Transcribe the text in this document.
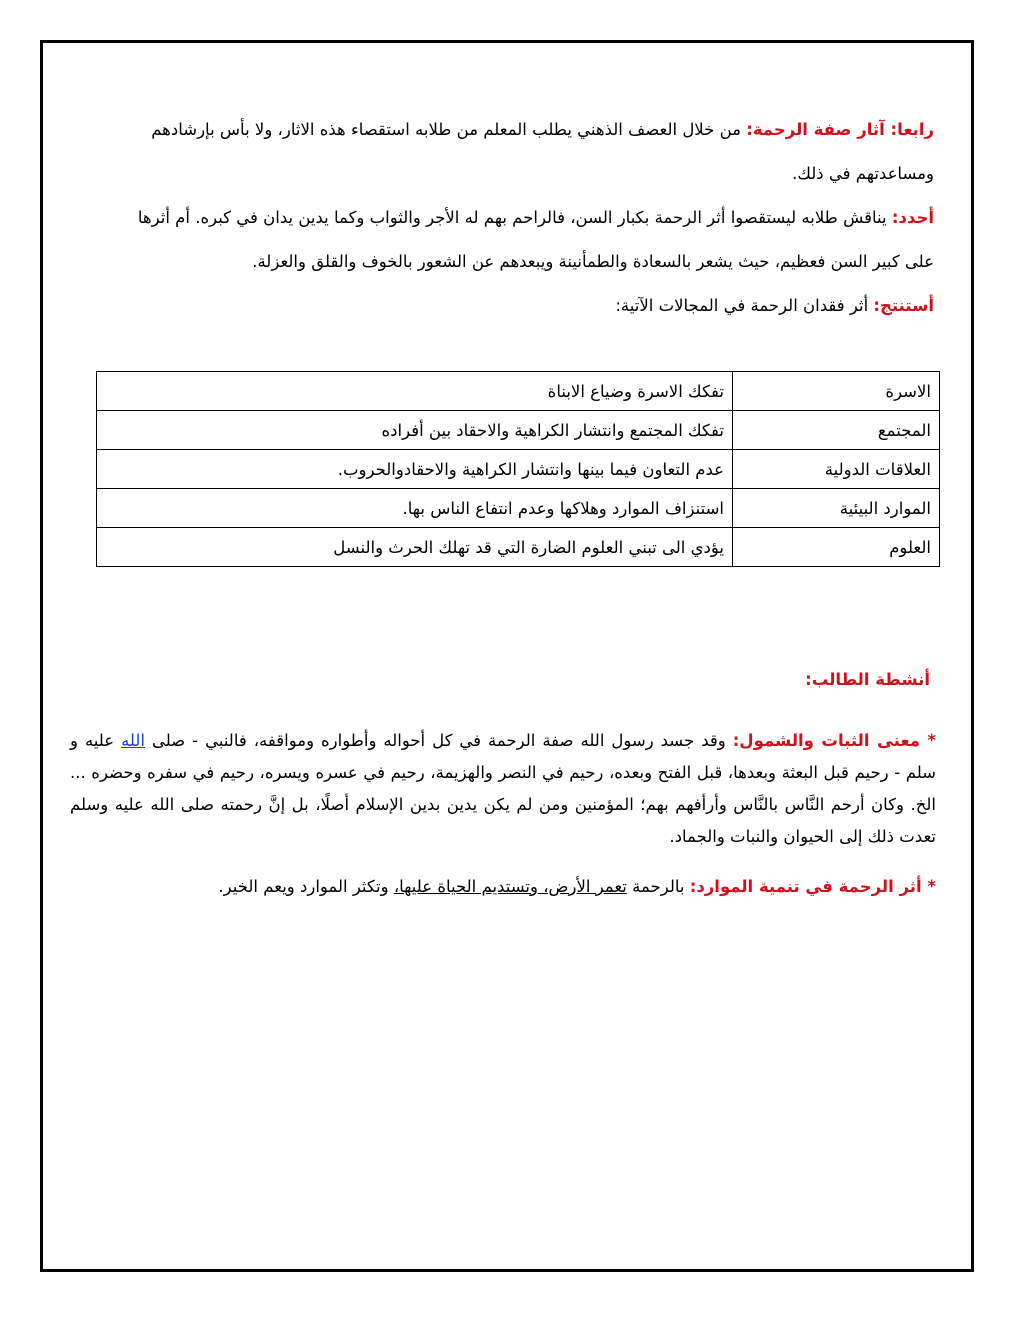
رابعا: آثار صفة الرحمة: من خلال العصف الذهني يطلب المعلم من طلابه استقصاء هذه الاثار، ولا بأس بإرشادهم

ومساعدتهم في ذلك.

أحدد: يناقش طلابه ليستقصوا أثر الرحمة بكبار السن، فالراحم بهم له الأجر والثواب وكما يدين يدان في كبره. أم أثرها

على كبير السن فعظيم، حيث يشعر بالسعادة والطمأنينة ويبعدهم عن الشعور بالخوف والقلق والعزلة.

أستنتج: أثر فقدان الرحمة في المجالات الآتية:

الاسرة	تفكك الاسرة وضياع الابناة
المجتمع	تفكك المجتمع وانتشار الكراهية والاحقاد بين أفراده
العلاقات الدولية	عدم التعاون فيما بينها وانتشار الكراهية والاحقادوالحروب.
الموارد البيئية	استنزاف الموارد وهلاكها وعدم انتفاع الناس بها.
العلوم	يؤدي الى تبني العلوم الضارة التي قد تهلك الحرث والنسل

أنشطة الطالب:

* معنى الثبات والشمول: وقد جسد رسول الله صفة الرحمة في كل أحواله وأطواره ومواقفه، فالنبي - صلى الله عليه و سلم - رحيم قبل البعثة وبعدها، قبل الفتح وبعده، رحيم في النصر والهزيمة، رحيم في عسره ويسره، رحيم في سفره وحضره ... الخ. وكان أرحم النَّاس بالنَّاس وأرأفهم بهم؛ المؤمنين ومن لم يكن يدين بدين الإسلام أصلًا، بل إنَّ رحمته صلى الله عليه وسلم تعدت ذلك إلى الحيوان والنبات والجماد.

* أثر الرحمة في تنمية الموارد: بالرحمة تعمر الأرض، وتستديم الحياة عليها، وتكثر الموارد ويعم الخير.
